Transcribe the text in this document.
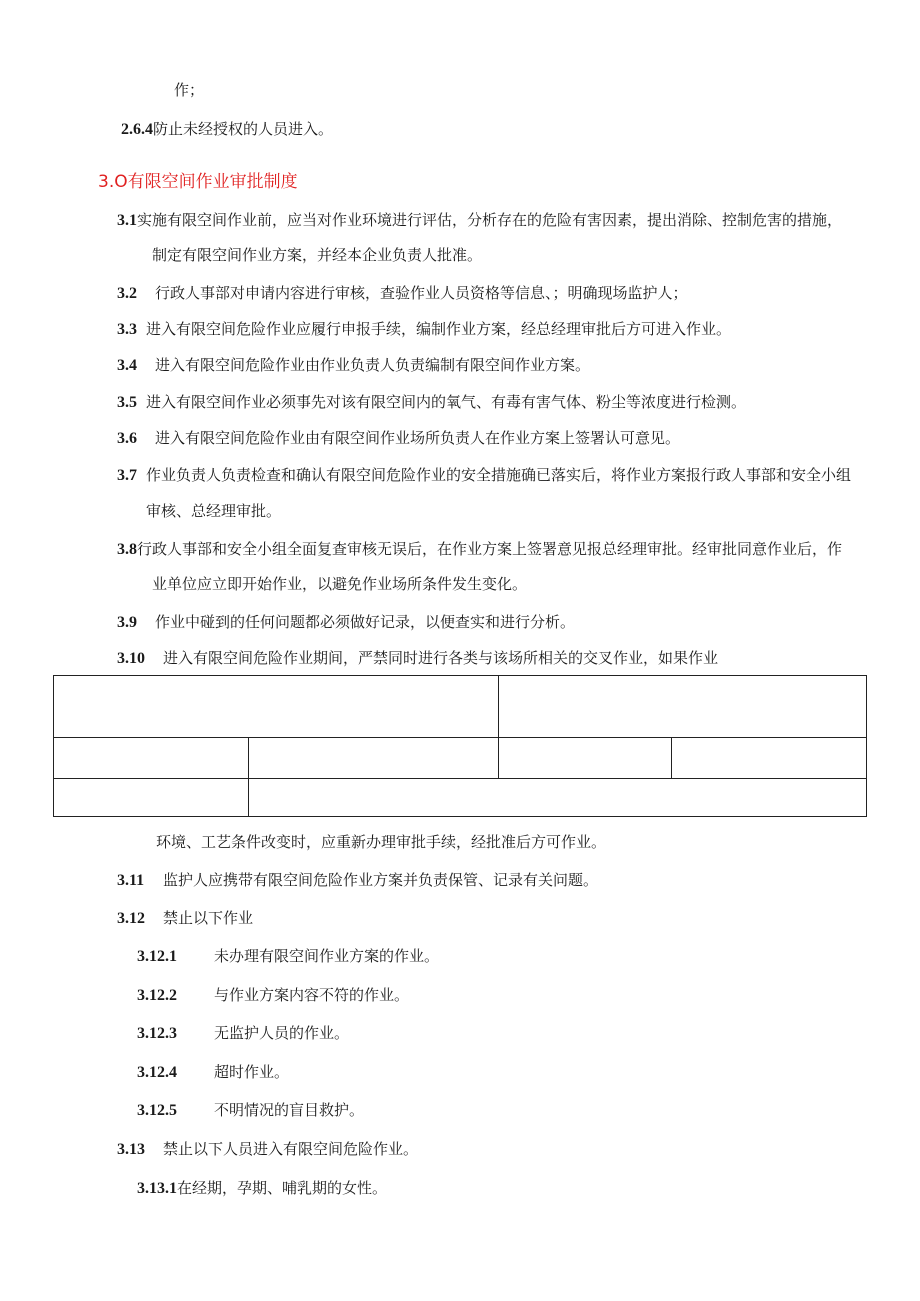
作；
2.6.4防止未经授权的人员进入。
3.O有限空间作业审批制度
3.1实施有限空间作业前，应当对作业环境进行评估，分析存在的危险有害因素，提出消除、控制危害的措施，
制定有限空间作业方案，并经本企业负责人批准。
3.2 行政人事部对申请内容进行审核，查验作业人员资格等信息、；明确现场监护人；
3.3 进入有限空间危险作业应履行申报手续，编制作业方案，经总经理审批后方可进入作业。
3.4 进入有限空间危险作业由作业负责人负责编制有限空间作业方案。
3.5 进入有限空间作业必须事先对该有限空间内的氧气、有毒有害气体、粉尘等浓度进行检测。
3.6 进入有限空间危险作业由有限空间作业场所负责人在作业方案上签署认可意见。
3.7 作业负责人负责检查和确认有限空间危险作业的安全措施确已落实后，将作业方案报行政人事部和安全小组
审核、总经理审批。
3.8行政人事部和安全小组全面复查审核无误后，在作业方案上签署意见报总经理审批。经审批同意作业后，作
业单位应立即开始作业，以避免作业场所条件发生变化。
3.9 作业中碰到的任何问题都必须做好记录，以便查实和进行分析。
3.10 进入有限空间危险作业期间，严禁同时进行各类与该场所相关的交叉作业，如果作业
环境、工艺条件改变时，应重新办理审批手续，经批准后方可作业。
3.11 监护人应携带有限空间危险作业方案并负责保管、记录有关问题。
3.12 禁止以下作业
3.12.1 未办理有限空间作业方案的作业。
3.12.2 与作业方案内容不符的作业。
3.12.3 无监护人员的作业。
3.12.4 超时作业。
3.12.5 不明情况的盲目救护。
3.13 禁止以下人员进入有限空间危险作业。
3.13.1在经期，孕期、哺乳期的女性。
